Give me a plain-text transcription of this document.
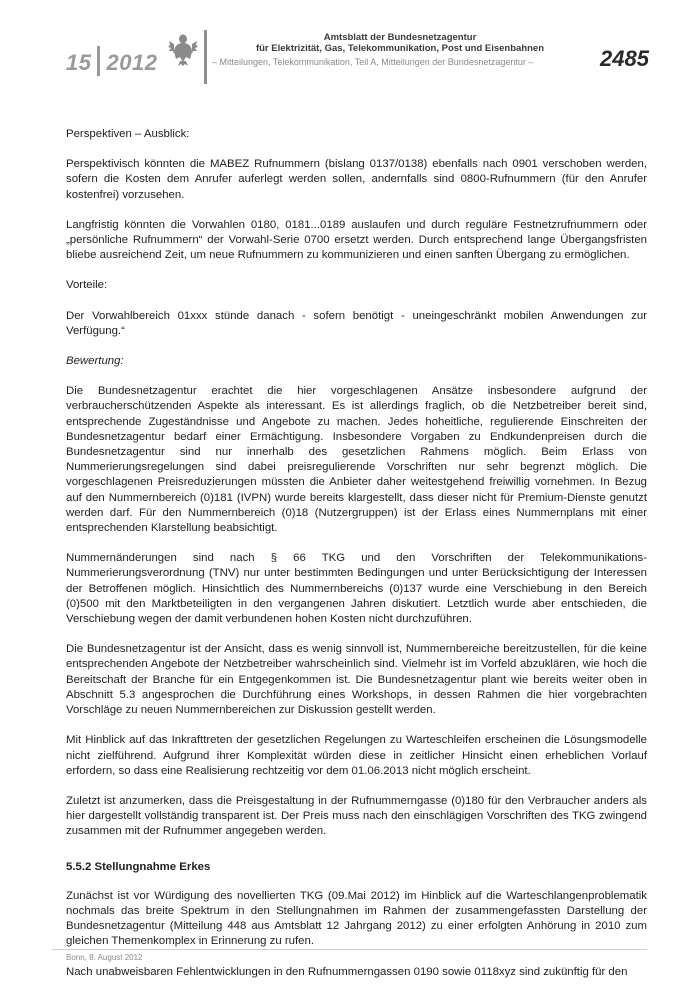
15 2012
Amtsblatt der Bundesnetzagentur
für Elektrizität, Gas, Telekommunikation, Post und Eisenbahnen
– Mitteilungen, Telekommunikation, Teil A, Mitteilungen der Bundesnetzagentur –	2485

Perspektiven – Ausblick:

Perspektivisch könnten die MABEZ Rufnummern (bislang 0137/0138) ebenfalls nach 0901 verschoben werden, sofern die Kosten dem Anrufer auferlegt werden sollen, andernfalls sind 0800-Rufnummern (für den Anrufer kostenfrei) vorzusehen.

Langfristig könnten die Vorwahlen 0180, 0181...0189 auslaufen und durch reguläre Festnetzrufnummern oder „persönliche Rufnummern“ der Vorwahl-Serie 0700 ersetzt werden. Durch entsprechend lange Übergangsfristen bliebe ausreichend Zeit, um neue Rufnummern zu kommunizieren und einen sanften Übergang zu ermöglichen.

Vorteile:

Der Vorwahlbereich 01xxx stünde danach - sofern benötigt - uneingeschränkt mobilen Anwendungen zur Verfügung.“

Bewertung:

Die Bundesnetzagentur erachtet die hier vorgeschlagenen Ansätze insbesondere aufgrund der verbraucherschützenden Aspekte als interessant. Es ist allerdings fraglich, ob die Netzbetreiber bereit sind, entsprechende Zugeständnisse und Angebote zu machen. Jedes hoheitliche, regulierende Einschreiten der Bundesnetzagentur bedarf einer Ermächtigung. Insbesondere Vorgaben zu Endkundenpreisen durch die Bundesnetzagentur sind nur innerhalb des gesetzlichen Rahmens möglich. Beim Erlass von Nummerierungsregelungen sind dabei preisregulierende Vorschriften nur sehr begrenzt möglich. Die vorgeschlagenen Preisreduzierungen müssten die Anbieter daher weitestgehend freiwillig vornehmen. In Bezug auf den Nummernbereich (0)181 (IVPN) wurde bereits klargestellt, dass dieser nicht für Premium-Dienste genutzt werden darf. Für den Nummernbereich (0)18 (Nutzergruppen) ist der Erlass eines Nummernplans mit einer entsprechenden Klarstellung beabsichtigt.

Nummernänderungen sind nach § 66 TKG und den Vorschriften der Telekommunikations-Nummerierungsverordnung (TNV) nur unter bestimmten Bedingungen und unter Berücksichtigung der Interessen der Betroffenen möglich. Hinsichtlich des Nummernbereichs (0)137 wurde eine Verschiebung in den Bereich (0)500 mit den Marktbeteiligten in den vergangenen Jahren diskutiert. Letztlich wurde aber entschieden, die Verschiebung wegen der damit verbundenen hohen Kosten nicht durchzuführen.

Die Bundesnetzagentur ist der Ansicht, dass es wenig sinnvoll ist, Nummernbereiche bereitzustellen, für die keine entsprechenden Angebote der Netzbetreiber wahrscheinlich sind. Vielmehr ist im Vorfeld abzuklären, wie hoch die Bereitschaft der Branche für ein Entgegenkommen ist. Die Bundesnetzagentur plant wie bereits weiter oben in Abschnitt 5.3 angesprochen die Durchführung eines Workshops, in dessen Rahmen die hier vorgebrachten Vorschläge zu neuen Nummernbereichen zur Diskussion gestellt werden.

Mit Hinblick auf das Inkrafttreten der gesetzlichen Regelungen zu Warteschleifen erscheinen die Lösungsmodelle nicht zielführend. Aufgrund ihrer Komplexität würden diese in zeitlicher Hinsicht einen erheblichen Vorlauf erfordern, so dass eine Realisierung rechtzeitig vor dem 01.06.2013 nicht möglich erscheint.

Zuletzt ist anzumerken, dass die Preisgestaltung in der Rufnummerngasse (0)180 für den Verbraucher anders als hier dargestellt vollständig transparent ist. Der Preis muss nach den einschlägigen Vorschriften des TKG zwingend zusammen mit der Rufnummer angegeben werden.

5.5.2 Stellungnahme Erkes

Zunächst ist vor Würdigung des novellierten TKG (09.Mai 2012) im Hinblick auf die Warteschlangenproblematik nochmals das breite Spektrum in den Stellungnahmen im Rahmen der zusammengefassten Darstellung der Bundesnetzagentur (Mitteilung 448 aus Amtsblatt 12 Jahrgang 2012) zu einer erfolgten Anhörung in 2010 zum gleichen Themenkomplex in Erinnerung zu rufen.

Nach unabweisbaren Fehlentwicklungen in den Rufnummerngassen 0190 sowie 0118xyz sind zukünftig für den

Bonn, 8. August 2012
